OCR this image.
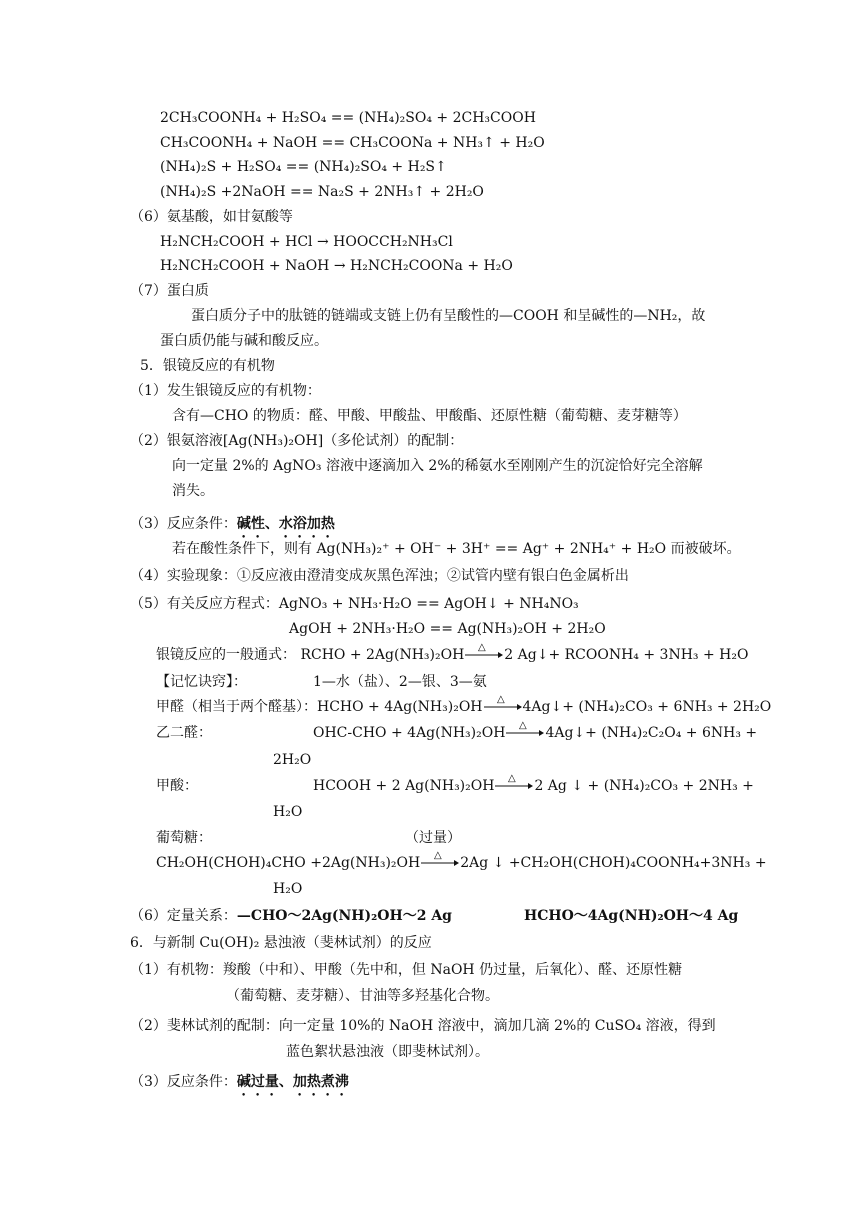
2CH₃COONH₄ + H₂SO₄ == (NH₄)₂SO₄ + 2CH₃COOH
CH₃COONH₄ + NaOH == CH₃COONa + NH₃↑ + H₂O
(NH₄)₂S + H₂SO₄ == (NH₄)₂SO₄ + H₂S↑
(NH₄)₂S +2NaOH == Na₂S + 2NH₃↑ + 2H₂O
（6）氨基酸，如甘氨酸等
H₂NCH₂COOH + HCl → HOOCCH₂NH₃Cl
H₂NCH₂COOH + NaOH → H₂NCH₂COONa + H₂O
（7）蛋白质
蛋白质分子中的肽链的链端或支链上仍有呈酸性的—COOH 和呈碱性的—NH₂，故
蛋白质仍能与碱和酸反应。
5．银镜反应的有机物
（1）发生银镜反应的有机物：
含有—CHO 的物质：醛、甲酸、甲酸盐、甲酸酯、还原性糖（葡萄糖、麦芽糖等）
（2）银氨溶液[Ag(NH₃)₂OH]（多伦试剂）的配制：
向一定量 2%的 AgNO₃ 溶液中逐滴加入 2%的稀氨水至刚刚产生的沉淀恰好完全溶解
消失。
（3）反应条件：碱性、水浴加热
若在酸性条件下，则有 Ag(NH₃)₂⁺ + OH⁻ + 3H⁺ == Ag⁺ + 2NH₄⁺ + H₂O 而被破坏。
（4）实验现象：①反应液由澄清变成灰黑色浑浊；②试管内壁有银白色金属析出
（5）有关反应方程式：AgNO₃ + NH₃·H₂O == AgOH↓ + NH₄NO₃
AgOH + 2NH₃·H₂O == Ag(NH₃)₂OH + 2H₂O
银镜反应的一般通式： RCHO + 2Ag(NH₃)₂OH △ 2 Ag↓+ RCOONH₄ + 3NH₃ + H₂O
【记忆诀窍】：	1—水（盐）、2—银、3—氨
甲醛（相当于两个醛基）：HCHO + 4Ag(NH₃)₂OH △ 4Ag↓+ (NH₄)₂CO₃ + 6NH₃ + 2H₂O
乙二醛：	OHC-CHO + 4Ag(NH₃)₂OH △ 4Ag↓+ (NH₄)₂C₂O₄ + 6NH₃ +
2H₂O
甲酸：	HCOOH + 2 Ag(NH₃)₂OH △ 2 Ag ↓ + (NH₄)₂CO₃ + 2NH₃ +
H₂O
（过量）
葡萄糖：
CH₂OH(CHOH)₄CHO +2Ag(NH₃)₂OH △ 2Ag ↓ +CH₂OH(CHOH)₄COONH₄+3NH₃ +
H₂O
（6）定量关系：—CHO～2Ag(NH)₂OH～2 Ag	HCHO～4Ag(NH)₂OH～4 Ag
6．与新制 Cu(OH)₂ 悬浊液（斐林试剂）的反应
（1）有机物：羧酸（中和）、甲酸（先中和，但 NaOH 仍过量，后氧化）、醛、还原性糖
（葡萄糖、麦芽糖）、甘油等多羟基化合物。
（2）斐林试剂的配制：向一定量 10%的 NaOH 溶液中，滴加几滴 2%的 CuSO₄ 溶液，得到
蓝色絮状悬浊液（即斐林试剂）。
（3）反应条件：碱过量、加热煮沸
